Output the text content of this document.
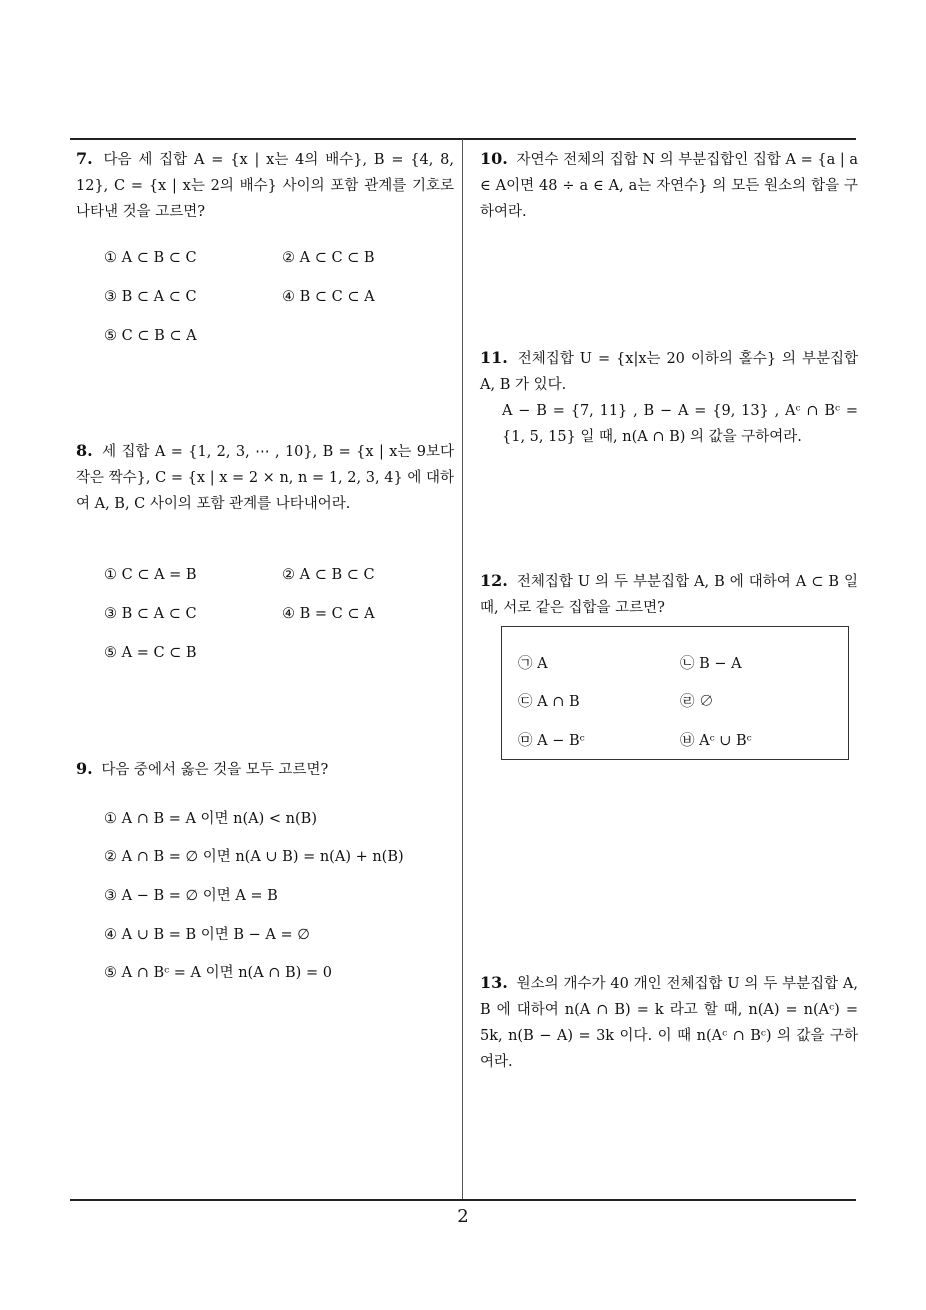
7. 다음 세 집합 A = {x | x는 4의 배수}, B = {4, 8, 12}, C = {x | x는 2의 배수} 사이의 포함 관계를 기호로 나타낸 것을 고르면?
① A ⊂ B ⊂ C	② A ⊂ C ⊂ B
③ B ⊂ A ⊂ C	④ B ⊂ C ⊂ A
⑤ C ⊂ B ⊂ A
8. 세 집합 A = {1, 2, 3, ⋯ , 10}, B = {x | x는 9보다 작은 짝수}, C = {x | x = 2 × n, n = 1, 2, 3, 4} 에 대하여 A, B, C 사이의 포함 관계를 나타내어라.
① C ⊂ A = B	② A ⊂ B ⊂ C
③ B ⊂ A ⊂ C	④ B = C ⊂ A
⑤ A = C ⊂ B
9. 다음 중에서 옳은 것을 모두 고르면?
① A ∩ B = A 이면 n(A) < n(B)
② A ∩ B = ∅ 이면 n(A ∪ B) = n(A) + n(B)
③ A − B = ∅ 이면 A = B
④ A ∪ B = B 이면 B − A = ∅
⑤ A ∩ Bᶜ = A 이면 n(A ∩ B) = 0
10. 자연수 전체의 집합 N 의 부분집합인 집합 A = {a | a ∈ A이면 48 ÷ a ∈ A, a는 자연수} 의 모든 원소의 합을 구하여라.
11. 전체집합 U = {x|x는 20 이하의 홀수} 의 부분집합 A, B 가 있다.
A − B = {7, 11} , B − A = {9, 13} , Aᶜ ∩ Bᶜ = {1, 5, 15} 일 때, n(A ∩ B) 의 값을 구하여라.
12. 전체집합 U 의 두 부분집합 A, B 에 대하여 A ⊂ B 일 때, 서로 같은 집합을 고르면?
㉠ A	㉡ B − A
㉢ A ∩ B	㉣ ∅
㉤ A − Bᶜ	㉥ Aᶜ ∪ Bᶜ
13. 원소의 개수가 40 개인 전체집합 U 의 두 부분집합 A, B 에 대하여 n(A ∩ B) = k 라고 할 때, n(A) = n(Aᶜ) = 5k, n(B − A) = 3k 이다. 이 때 n(Aᶜ ∩ Bᶜ) 의 값을 구하여라.
2
